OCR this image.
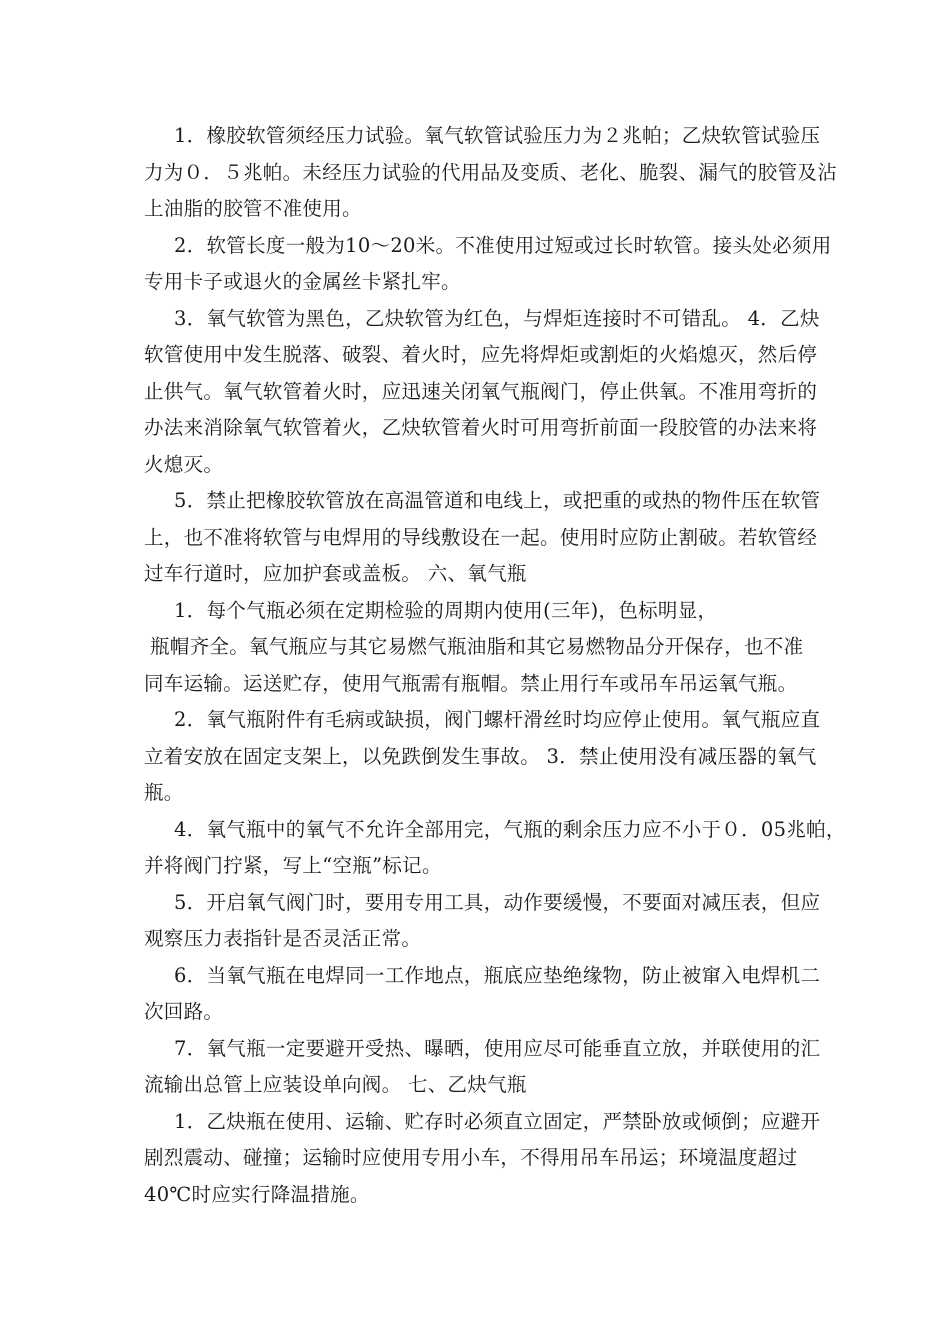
1．橡胶软管须经压力试验。氧气软管试验压力为２兆帕；乙炔软管试验压
力为０．５兆帕。未经压力试验的代用品及变质、老化、脆裂、漏气的胶管及沾
上油脂的胶管不准使用。
2．软管长度一般为10～20米。不准使用过短或过长时软管。接头处必须用
专用卡子或退火的金属丝卡紧扎牢。
3．氧气软管为黑色，乙炔软管为红色，与焊炬连接时不可错乱。 4．乙炔
软管使用中发生脱落、破裂、着火时，应先将焊炬或割炬的火焰熄灭，然后停
止供气。氧气软管着火时，应迅速关闭氧气瓶阀门，停止供氧。不准用弯折的
办法来消除氧气软管着火，乙炔软管着火时可用弯折前面一段胶管的办法来将
火熄灭。
5．禁止把橡胶软管放在高温管道和电线上，或把重的或热的物件压在软管
上，也不准将软管与电焊用的导线敷设在一起。使用时应防止割破。若软管经
过车行道时，应加护套或盖板。 六、氧气瓶
1．每个气瓶必须在定期检验的周期内使用(三年)，色标明显，
瓶帽齐全。氧气瓶应与其它易燃气瓶油脂和其它易燃物品分开保存，也不准
同车运输。运送贮存，使用气瓶需有瓶帽。禁止用行车或吊车吊运氧气瓶。
2．氧气瓶附件有毛病或缺损，阀门螺杆滑丝时均应停止使用。氧气瓶应直
立着安放在固定支架上，以免跌倒发生事故。 3．禁止使用没有减压器的氧气
瓶。
4．氧气瓶中的氧气不允许全部用完，气瓶的剩余压力应不小于０．05兆帕，
并将阀门拧紧，写上“空瓶”标记。
5．开启氧气阀门时，要用专用工具，动作要缓慢，不要面对减压表，但应
观察压力表指针是否灵活正常。
6．当氧气瓶在电焊同一工作地点，瓶底应垫绝缘物，防止被窜入电焊机二
次回路。
7．氧气瓶一定要避开受热、曝晒，使用应尽可能垂直立放，并联使用的汇
流输出总管上应装设单向阀。 七、乙炔气瓶
1．乙炔瓶在使用、运输、贮存时必须直立固定，严禁卧放或倾倒；应避开
剧烈震动、碰撞；运输时应使用专用小车，不得用吊车吊运；环境温度超过
40℃时应实行降温措施。
